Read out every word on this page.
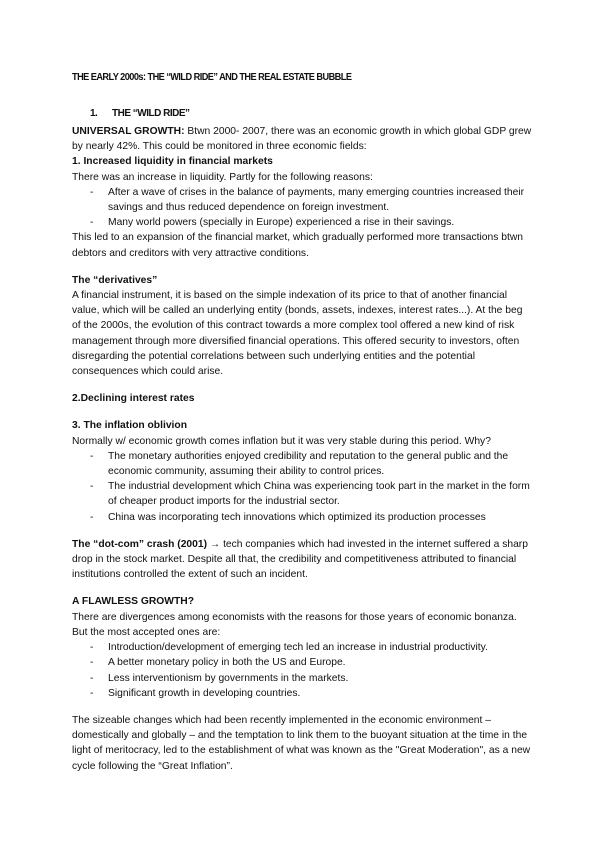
THE EARLY 2000s: THE “WILD RIDE” AND THE REAL ESTATE BUBBLE
1.	THE “WILD RIDE”

UNIVERSAL GROWTH: Btwn 2000- 2007, there was an economic growth in which global GDP grew by nearly 42%. This could be monitored in three economic fields:

1. Increased liquidity in financial markets

There was an increase in liquidity. Partly for the following reasons:

- After a wave of crises in the balance of payments, many emerging countries increased their savings and thus reduced dependence on foreign investment.
- Many world powers (specially in Europe) experienced a rise in their savings.

This led to an expansion of the financial market, which gradually performed more transactions btwn debtors and creditors with very attractive conditions.

The “derivatives”

A financial instrument, it is based on the simple indexation of its price to that of another financial value, which will be called an underlying entity (bonds, assets, indexes, interest rates...). At the beg of the 2000s, the evolution of this contract towards a more complex tool offered a new kind of risk management through more diversified financial operations. This offered security to investors, often disregarding the potential correlations between such underlying entities and the potential consequences which could arise.

2.Declining interest rates

3. The inflation oblivion

Normally w/ economic growth comes inflation but it was very stable during this period. Why?

- The monetary authorities enjoyed credibility and reputation to the general public and the economic community, assuming their ability to control prices.
- The industrial development which China was experiencing took part in the market in the form of cheaper product imports for the industrial sector.
- China was incorporating tech innovations which optimized its production processes

The “dot-com” crash (2001) → tech companies which had invested in the internet suffered a sharp drop in the stock market. Despite all that, the credibility and competitiveness attributed to financial institutions controlled the extent of such an incident.

A FLAWLESS GROWTH?

There are divergences among economists with the reasons for those years of economic bonanza. But the most accepted ones are:

- Introduction/development of emerging tech led an increase in industrial productivity.
- A better monetary policy in both the US and Europe.
- Less interventionism by governments in the markets.
- Significant growth in developing countries.

The sizeable changes which had been recently implemented in the economic environment – domestically and globally – and the temptation to link them to the buoyant situation at the time in the light of meritocracy, led to the establishment of what was known as the "Great Moderation", as a new cycle following the “Great Inflation”.
